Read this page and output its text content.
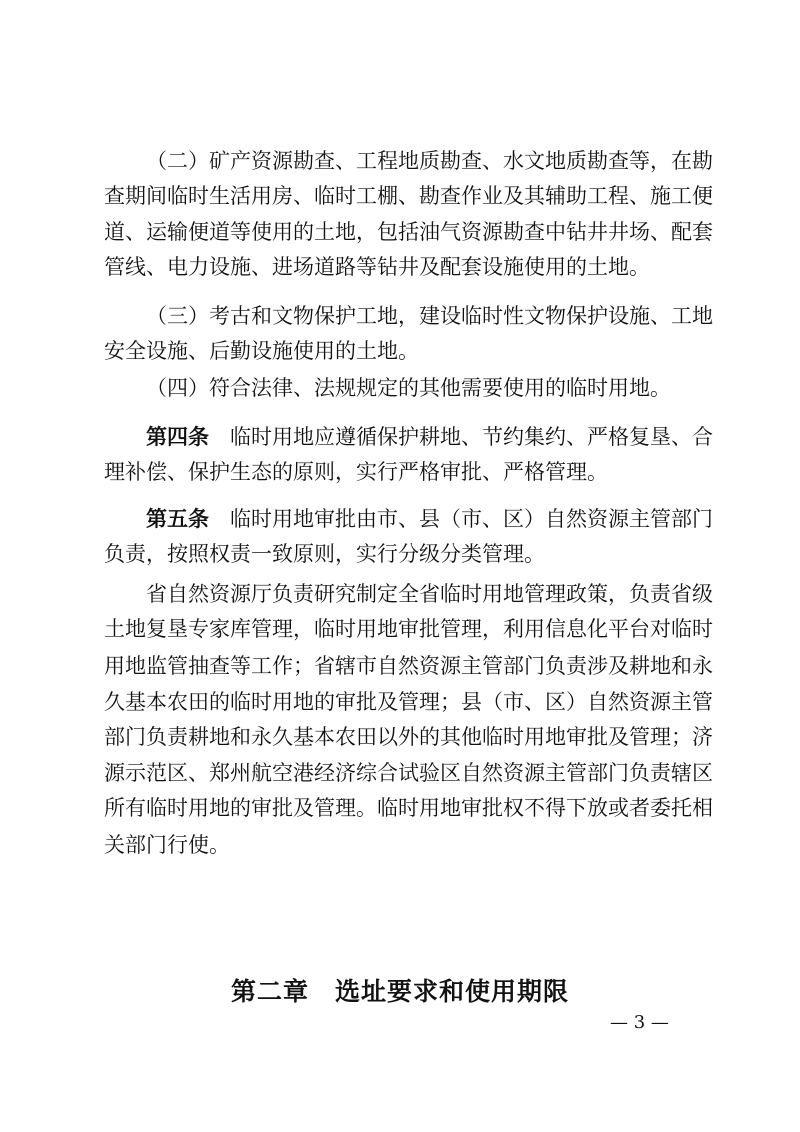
（二）矿产资源勘查、工程地质勘查、水文地质勘查等，在勘
查期间临时生活用房、临时工棚、勘查作业及其辅助工程、施工便
道、运输便道等使用的土地，包括油气资源勘查中钻井井场、配套
管线、电力设施、进场道路等钻井及配套设施使用的土地。
（三）考古和文物保护工地，建设临时性文物保护设施、工地
安全设施、后勤设施使用的土地。
（四）符合法律、法规规定的其他需要使用的临时用地。
第四条　临时用地应遵循保护耕地、节约集约、严格复垦、合
理补偿、保护生态的原则，实行严格审批、严格管理。
第五条　临时用地审批由市、县（市、区）自然资源主管部门
负责，按照权责一致原则，实行分级分类管理。
省自然资源厅负责研究制定全省临时用地管理政策，负责省级
土地复垦专家库管理，临时用地审批管理，利用信息化平台对临时
用地监管抽查等工作；省辖市自然资源主管部门负责涉及耕地和永
久基本农田的临时用地的审批及管理；县（市、区）自然资源主管
部门负责耕地和永久基本农田以外的其他临时用地审批及管理；济
源示范区、郑州航空港经济综合试验区自然资源主管部门负责辖区
所有临时用地的审批及管理。临时用地审批权不得下放或者委托相
关部门行使。
第二章　选址要求和使用期限
— 3 —
